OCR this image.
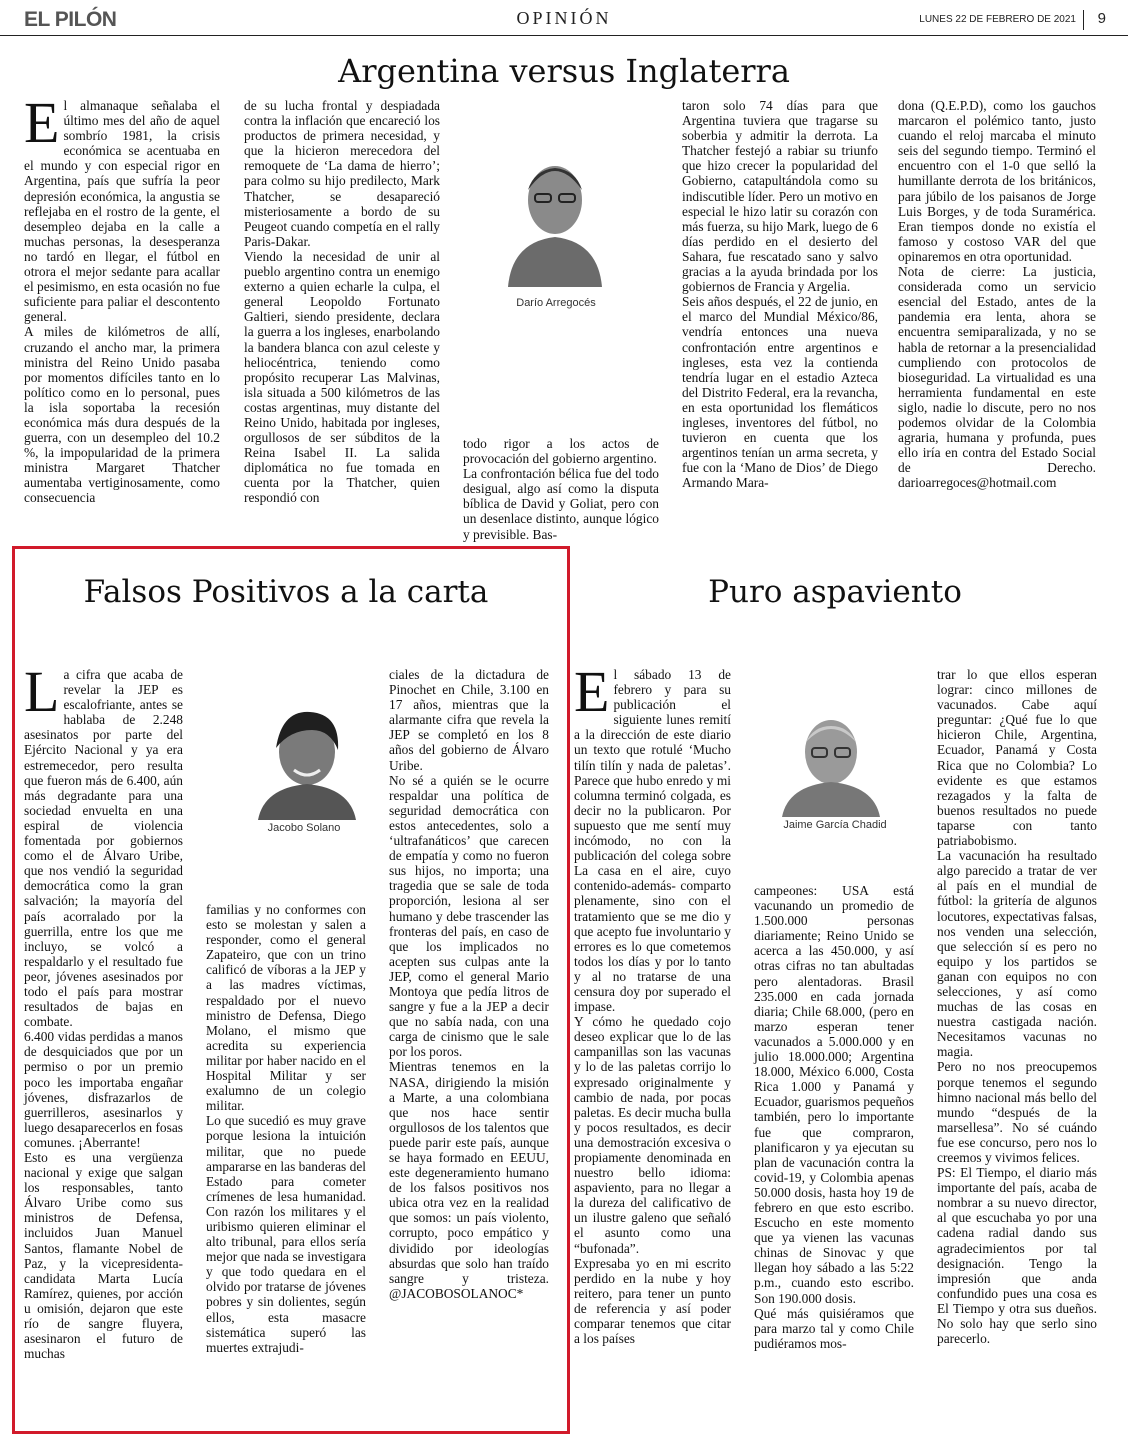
EL PILÓN	OPINIÓN	LUNES 22 DE FEBRERO DE 2021 9
Argentina versus Inglaterra
E l almanaque señalaba el último mes del año de aquel sombrío 1981, la crisis económica se acentuaba en el mundo y con especial rigor en Argentina, país que sufría la peor depresión económica, la angustia se reflejaba en el rostro de la gente, el desempleo dejaba en la calle a muchas personas, la desesperanza no tardó en llegar, el fútbol en otrora el mejor sedante para acallar el pesimismo, en esta ocasión no fue suficiente para paliar el descontento general.

A miles de kilómetros de allí, cruzando el ancho mar, la primera ministra del Reino Unido pasaba por momentos difíciles tanto en lo político como en lo personal, pues la isla soportaba la recesión económica más dura después de la guerra, con un desempleo del 10.2 %, la impopularidad de la primera ministra Margaret Thatcher aumentaba vertiginosamente, como consecuencia

de su lucha frontal y despiadada contra la inflación que encareció los productos de primera necesidad, y que la hicieron merecedora del remoquete de ‘La dama de hierro’; para colmo su hijo predilecto, Mark Thatcher, se desapareció misteriosamente a bordo de su Peugeot cuando competía en el rally Paris-Dakar.

Viendo la necesidad de unir al pueblo argentino contra un enemigo externo a quien echarle la culpa, el general Leopoldo Fortunato Galtieri, siendo presidente, declara la guerra a los ingleses, enarbolando la bandera blanca con azul celeste y heliocéntrica, teniendo como propósito recuperar Las Malvinas, isla situada a 500 kilómetros de las costas argentinas, muy distante del Reino Unido, habitada por ingleses, orgullosos de ser súbditos de la Reina Isabel II. La salida diplomática no fue tomada en cuenta por la Thatcher, quien respondió con

Darío Arregocés

todo rigor a los actos de provocación del gobierno argentino.

La confrontación bélica fue del todo desigual, algo así como la disputa bíblica de David y Goliat, pero con un desenlace distinto, aunque lógico y previsible. Bas-

taron solo 74 días para que Argentina tuviera que tragarse su soberbia y admitir la derrota. La Thatcher festejó a rabiar su triunfo que hizo crecer la popularidad del Gobierno, catapultándola como su indiscutible líder. Pero un motivo en especial le hizo latir su corazón con más fuerza, su hijo Mark, luego de 6 días perdido en el desierto del Sahara, fue rescatado sano y salvo gracias a la ayuda brindada por los gobiernos de Francia y Argelia.

Seis años después, el 22 de junio, en el marco del Mundial México/86, vendría entonces una nueva confrontación entre argentinos e ingleses, esta vez la contienda tendría lugar en el estadio Azteca del Distrito Federal, era la revancha, en esta oportunidad los flemáticos ingleses, inventores del fútbol, no tuvieron en cuenta que los argentinos tenían un arma secreta, y fue con la ‘Mano de Dios’ de Diego Armando Mara-

dona (Q.E.P.D), como los gauchos marcaron el polémico tanto, justo cuando el reloj marcaba el minuto seis del segundo tiempo. Terminó el encuentro con el 1-0 que selló la humillante derrota de los británicos, para júbilo de los paisanos de Jorge Luis Borges, y de toda Suramérica. Eran tiempos donde no existía el famoso y costoso VAR del que opinaremos en otra oportunidad.

Nota de cierre: La justicia, considerada como un servicio esencial del Estado, antes de la pandemia era lenta, ahora se encuentra semiparalizada, y no se habla de retornar a la presencialidad cumpliendo con protocolos de bioseguridad. La virtualidad es una herramienta fundamental en este siglo, nadie lo discute, pero no nos podemos olvidar de la Colombia agraria, humana y profunda, pues ello iría en contra del Estado Social de Derecho. darioarregoces@hotmail.com

Falsos Positivos a la carta
L a cifra que acaba de revelar la JEP es escalofriante, antes se hablaba de 2.248 asesinatos por parte del Ejército Nacional y ya era estremecedor, pero resulta que fueron más de 6.400, aún más degradante para una sociedad envuelta en una espiral de violencia fomentada por gobiernos como el de Álvaro Uribe, que nos vendió la seguridad democrática como la gran salvación; la mayoría del país acorralado por la guerrilla, entre los que me incluyo, se volcó a respaldarlo y el resultado fue peor, jóvenes asesinados por todo el país para mostrar resultados de bajas en combate.

6.400 vidas perdidas a manos de desquiciados que por un permiso o por un premio poco les importaba engañar jóvenes, disfrazarlos de guerrilleros, asesinarlos y luego desaparecerlos en fosas comunes. ¡Aberrante!

Esto es una vergüenza nacional y exige que salgan los responsables, tanto Álvaro Uribe como sus ministros de Defensa, incluidos Juan Manuel Santos, flamante Nobel de Paz, y la vicepresidenta-candidata Marta Lucía Ramírez, quienes, por acción u omisión, dejaron que este río de sangre fluyera, asesinaron el futuro de muchas

Jacobo Solano

familias y no conformes con esto se molestan y salen a responder, como el general Zapateiro, que con un trino calificó de víboras a la JEP y a las madres víctimas, respaldado por el nuevo ministro de Defensa, Diego Molano, el mismo que acredita su experiencia militar por haber nacido en el Hospital Militar y ser exalumno de un colegio militar.

Lo que sucedió es muy grave porque lesiona la intuición militar, que no puede ampararse en las banderas del Estado para cometer crímenes de lesa humanidad. Con razón los militares y el uribismo quieren eliminar el alto tribunal, para ellos sería mejor que nada se investigara y que todo quedara en el olvido por tratarse de jóvenes pobres y sin dolientes, según ellos, esta masacre sistemática superó las muertes extrajudi-

ciales de la dictadura de Pinochet en Chile, 3.100 en 17 años, mientras que la alarmante cifra que revela la JEP se completó en los 8 años del gobierno de Álvaro Uribe.

No sé a quién se le ocurre respaldar una política de seguridad democrática con estos antecedentes, solo a ‘ultrafanáticos’ que carecen de empatía y como no fueron sus hijos, no importa; una tragedia que se sale de toda proporción, lesiona al ser humano y debe trascender las fronteras del país, en caso de que los implicados no acepten sus culpas ante la JEP, como el general Mario Montoya que pedía litros de sangre y fue a la JEP a decir que no sabía nada, con una carga de cinismo que le sale por los poros.

Mientras tenemos en la NASA, dirigiendo la misión a Marte, a una colombiana que nos hace sentir orgullosos de los talentos que puede parir este país, aunque se haya formado en EEUU, este degeneramiento humano de los falsos positivos nos ubica otra vez en la realidad que somos: un país violento, corrupto, poco empático y dividido por ideologías absurdas que solo han traído sangre y tristeza. @JACOBOSOLANOC*

Puro aspaviento
E l sábado 13 de febrero y para su publicación el siguiente lunes remití a la dirección de este diario un texto que rotulé ‘Mucho tilín tilín y nada de paletas’. Parece que hubo enredo y mi columna terminó colgada, es decir no la publicaron. Por supuesto que me sentí muy incómodo, no con la publicación del colega sobre La casa en el aire, cuyo contenido-además- comparto plenamente, sino con el tratamiento que se me dio y que acepto fue involuntario y errores es lo que cometemos todos los días y por lo tanto y al no tratarse de una censura doy por superado el impase.

Y cómo he quedado cojo deseo explicar que lo de las campanillas son las vacunas y lo de las paletas corrijo lo expresado originalmente y cambio de nada, por pocas paletas. Es decir mucha bulla y pocos resultados, es decir una demostración excesiva o propiamente denominada en nuestro bello idioma: aspaviento, para no llegar a la dureza del calificativo de un ilustre galeno que señaló el asunto como una “bufonada”.

Expresaba yo en mi escrito perdido en la nube y hoy reitero, para tener un punto de referencia y así poder comparar tenemos que citar a los países

Jaime García Chadid

campeones: USA está vacunando un promedio de 1.500.000 personas diariamente; Reino Unido se acerca a las 450.000, y así otras cifras no tan abultadas pero alentadoras. Brasil 235.000 en cada jornada diaria; Chile 68.000, (pero en marzo esperan tener vacunados a 5.000.000 y en julio 18.000.000; Argentina 18.000, México 6.000, Costa Rica 1.000 y Panamá y Ecuador, guarismos pequeños también, pero lo importante fue que compraron, planificaron y ya ejecutan su plan de vacunación contra la covid-19, y Colombia apenas 50.000 dosis, hasta hoy 19 de febrero en que esto escribo. Escucho en este momento que ya vienen las vacunas chinas de Sinovac y que llegan hoy sábado a las 5:22 p.m., cuando esto escribo. Son 190.000 dosis.

Qué más quisiéramos que para marzo tal y como Chile pudiéramos mos-

trar lo que ellos esperan lograr: cinco millones de vacunados. Cabe aquí preguntar: ¿Qué fue lo que hicieron Chile, Argentina, Ecuador, Panamá y Costa Rica que no Colombia? Lo evidente es que estamos rezagados y la falta de buenos resultados no puede taparse con tanto patriabobismo.

La vacunación ha resultado algo parecido a tratar de ver al país en el mundial de fútbol: la gritería de algunos locutores, expectativas falsas, nos venden una selección, que selección sí es pero no equipo y los partidos se ganan con equipos no con selecciones, y así como muchas de las cosas en nuestra castigada nación. Necesitamos vacunas no magia.

Pero no nos preocupemos porque tenemos el segundo himno nacional más bello del mundo “después de la marsellesa”. No sé cuándo fue ese concurso, pero nos lo creemos y vivimos felices.

PS: El Tiempo, el diario más importante del país, acaba de nombrar a su nuevo director, al que escuchaba yo por una cadena radial dando sus agradecimientos por tal designación. Tengo la impresión que anda confundido pues una cosa es El Tiempo y otra sus dueños. No solo hay que serlo sino parecerlo.
